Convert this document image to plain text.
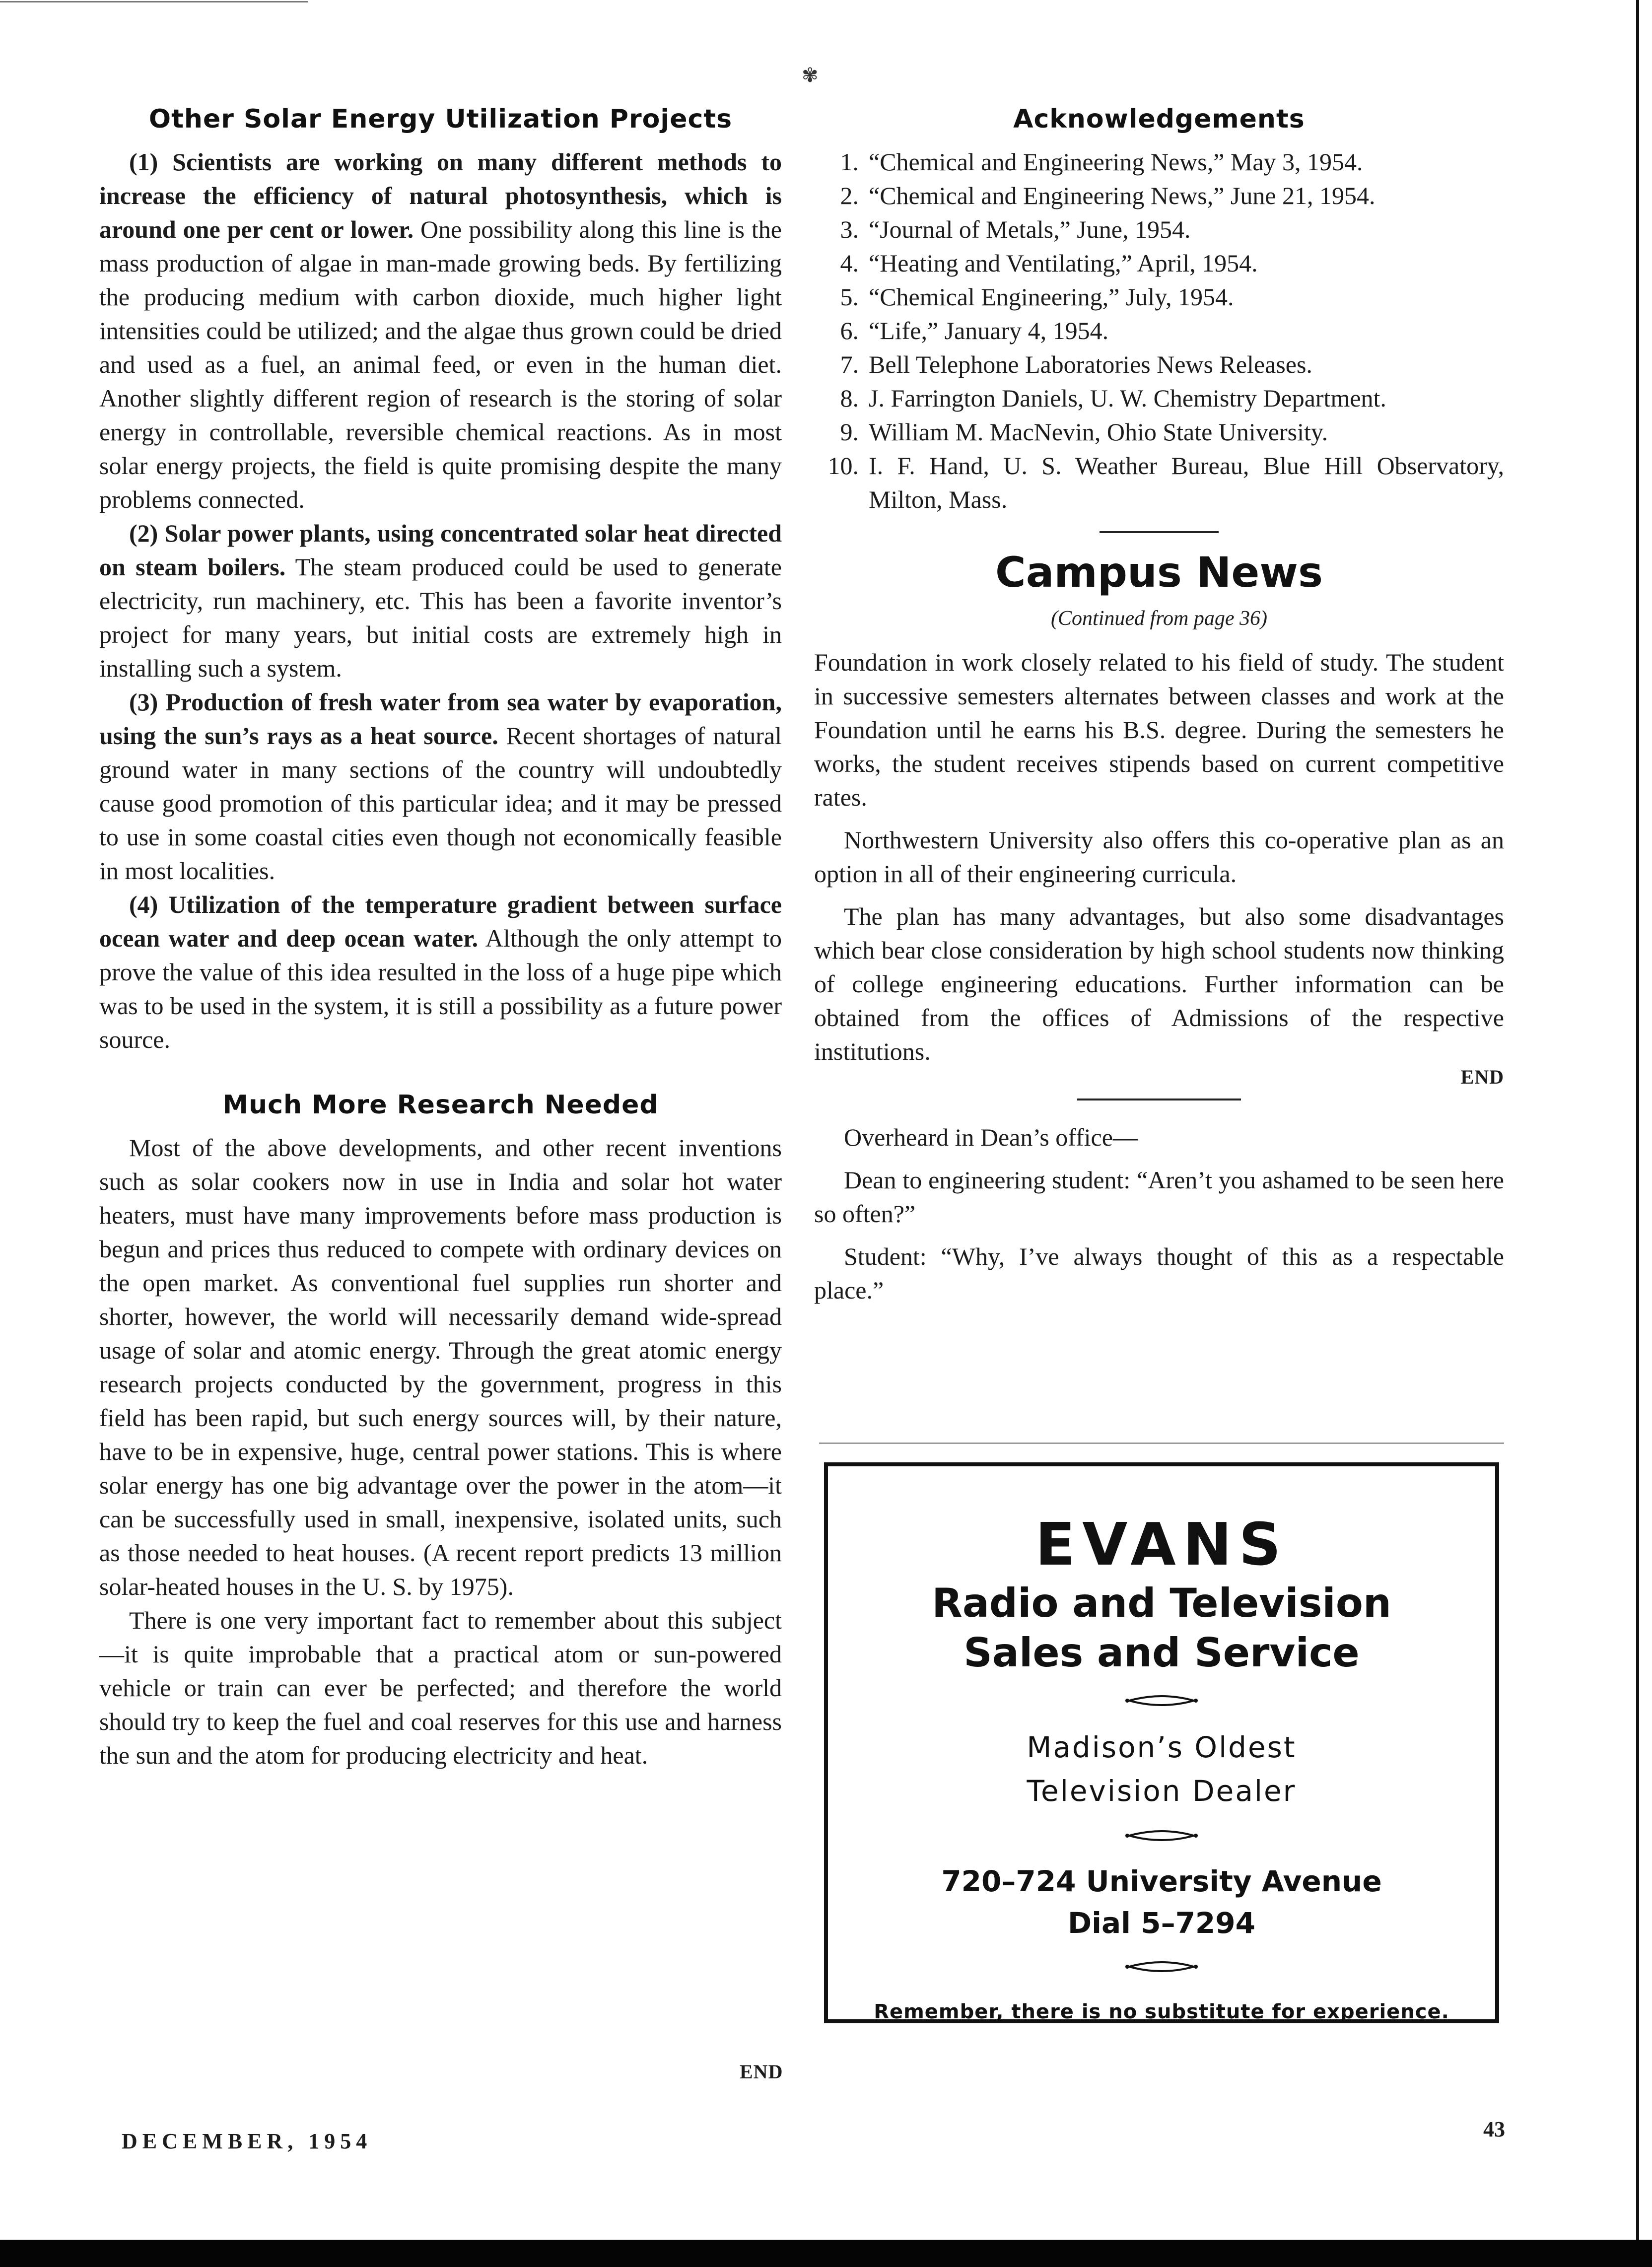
✾
Other Solar Energy Utilization Projects

(1) Scientists are working on many different methods to increase the efficiency of natural photosynthesis, which is around one per cent or lower. One possibility along this line is the mass production of algae in man-made growing beds. By fertilizing the producing medium with carbon dioxide, much higher light intensities could be utilized; and the algae thus grown could be dried and used as a fuel, an animal feed, or even in the human diet. Another slightly different region of research is the storing of solar energy in controllable, reversible chemical reactions. As in most solar energy projects, the field is quite promising despite the many problems connected.

(2) Solar power plants, using concentrated solar heat directed on steam boilers. The steam produced could be used to generate electricity, run machinery, etc. This has been a favorite inventor’s project for many years, but initial costs are extremely high in installing such a system.

(3) Production of fresh water from sea water by evaporation, using the sun’s rays as a heat source. Recent shortages of natural ground water in many sections of the country will undoubtedly cause good promotion of this particular idea; and it may be pressed to use in some coastal cities even though not economically feasible in most localities.

(4) Utilization of the temperature gradient between surface ocean water and deep ocean water. Although the only attempt to prove the value of this idea resulted in the loss of a huge pipe which was to be used in the system, it is still a possibility as a future power source.

Much More Research Needed

Most of the above developments, and other recent inventions such as solar cookers now in use in India and solar hot water heaters, must have many improvements before mass production is begun and prices thus reduced to compete with ordinary devices on the open market. As conventional fuel supplies run shorter and shorter, however, the world will necessarily demand wide-spread usage of solar and atomic energy. Through the great atomic energy research projects conducted by the government, progress in this field has been rapid, but such energy sources will, by their nature, have to be in expensive, huge, central power stations. This is where solar energy has one big advantage over the power in the atom—it can be successfully used in small, inexpensive, isolated units, such as those needed to heat houses. (A recent report predicts 13 million solar-heated houses in the U. S. by 1975).

There is one very important fact to remember about this subject—it is quite improbable that a practical atom or sun-powered vehicle or train can ever be perfected; and therefore the world should try to keep the fuel and coal reserves for this use and harness the sun and the atom for producing electricity and heat.

END
Acknowledgements
1. “Chemical and Engineering News,” May 3, 1954.
2. “Chemical and Engineering News,” June 21, 1954.
3. “Journal of Metals,” June, 1954.
4. “Heating and Ventilating,” April, 1954.
5. “Chemical Engineering,” July, 1954.
6. “Life,” January 4, 1954.
7. Bell Telephone Laboratories News Releases.
8. J. Farrington Daniels, U. W. Chemistry Department.
9. William M. MacNevin, Ohio State University.
10. I. F. Hand, U. S. Weather Bureau, Blue Hill Observatory, Milton, Mass.
Campus News
(Continued from page 36)

Foundation in work closely related to his field of study. The student in successive semesters alternates between classes and work at the Foundation until he earns his B.S. degree. During the semesters he works, the student receives stipends based on current competitive rates.

Northwestern University also offers this co-operative plan as an option in all of their engineering curricula.

The plan has many advantages, but also some disadvantages which bear close consideration by high school students now thinking of college engineering educations. Further information can be obtained from the offices of Admissions of the respective institutions.

END

Overheard in Dean’s office—

Dean to engineering student: “Aren’t you ashamed to be seen here so often?”

Student: “Why, I’ve always thought of this as a respectable place.”

EVANS
Radio and Television
Sales and Service
Madison’s Oldest
Television Dealer
720–724 University Avenue
Dial 5–7294
Remember, there is no substitute for experience.
DECEMBER, 1954	43
